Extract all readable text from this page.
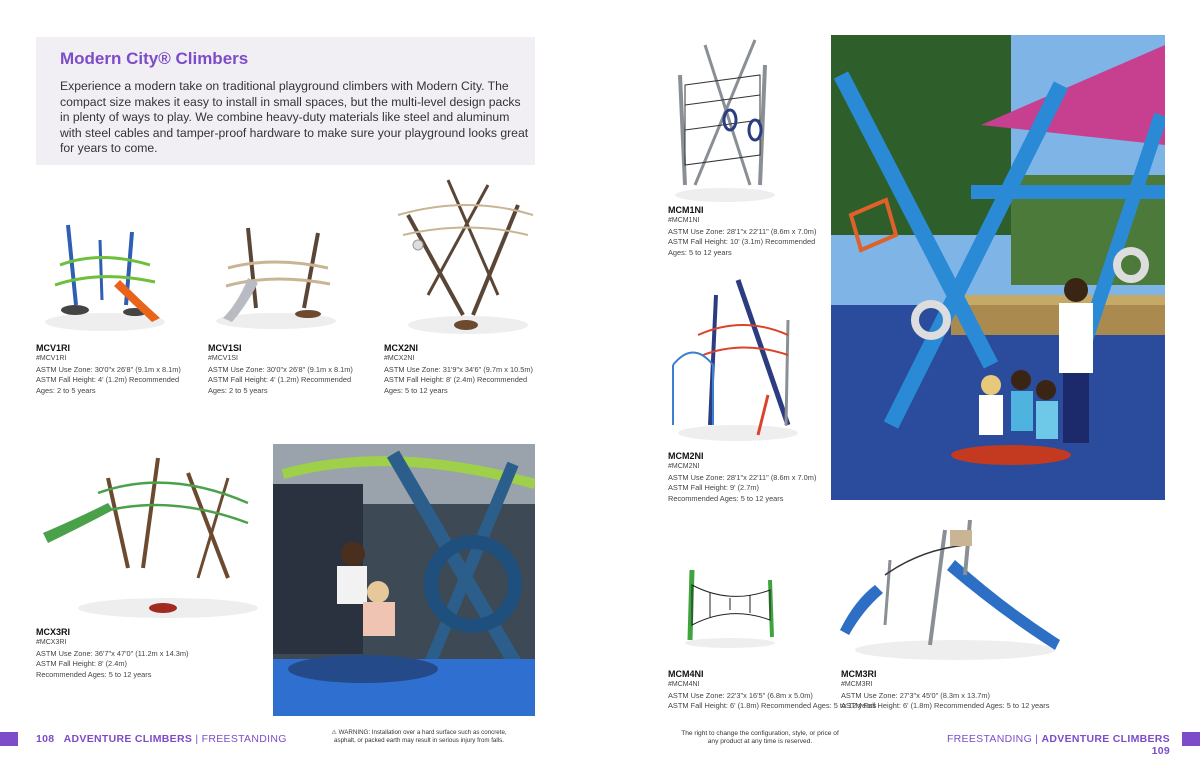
Modern City® Climbers

Experience a modern take on traditional playground climbers with Modern City. The compact size makes it easy to install in small spaces, but the multi-level design packs in plenty of ways to play. We combine heavy-duty materials like steel and aluminum with steel cables and tamper-proof hardware to make sure your playground looks great for years to come.

MCV1RI
#MCV1RI
ASTM Use Zone: 30'0"x 26'8" (9.1m x 8.1m)
ASTM Fall Height: 4' (1.2m) Recommended
Ages: 2 to 5 years
MCV1SI
#MCV1SI
ASTM Use Zone: 30'0"x 26'8" (9.1m x 8.1m)
ASTM Fall Height: 4' (1.2m) Recommended
Ages: 2 to 5 years
MCX2NI
#MCX2NI
ASTM Use Zone: 31'9"x 34'6" (9.7m x 10.5m)
ASTM Fall Height: 8' (2.4m) Recommended
Ages: 5 to 12 years
MCX3RI
#MCX3RI
ASTM Use Zone: 36'7"x 47'0" (11.2m x 14.3m)
ASTM Fall Height: 8' (2.4m)
Recommended Ages: 5 to 12 years
MCM1NI
#MCM1NI
ASTM Use Zone: 28'1"x 22'11" (8.6m x 7.0m)
ASTM Fall Height: 10' (3.1m) Recommended
Ages: 5 to 12 years
MCM2NI
#MCM2NI
ASTM Use Zone: 28'1"x 22'11" (8.6m x 7.0m)
ASTM Fall Height: 9' (2.7m)
Recommended Ages: 5 to 12 years
MCM4NI
#MCM4NI
ASTM Use Zone: 22'3"x 16'5" (6.8m x 5.0m)
ASTM Fall Height: 6' (1.8m) Recommended Ages: 5 to 12 years
MCM3RI
#MCM3RI
ASTM Use Zone: 27'3"x 45'0" (8.3m x 13.7m)
ASTM Fall Height: 6' (1.8m) Recommended Ages: 5 to 12 years
108 ADVENTURE CLIMBERS | FREESTANDING
⚠ WARNING: Installation over a hard surface such as concrete, asphalt, or packed earth may result in serious injury from falls.
The right to change the configuration, style, or price of any product at any time is reserved.	FREESTANDING | ADVENTURE CLIMBERS 109
